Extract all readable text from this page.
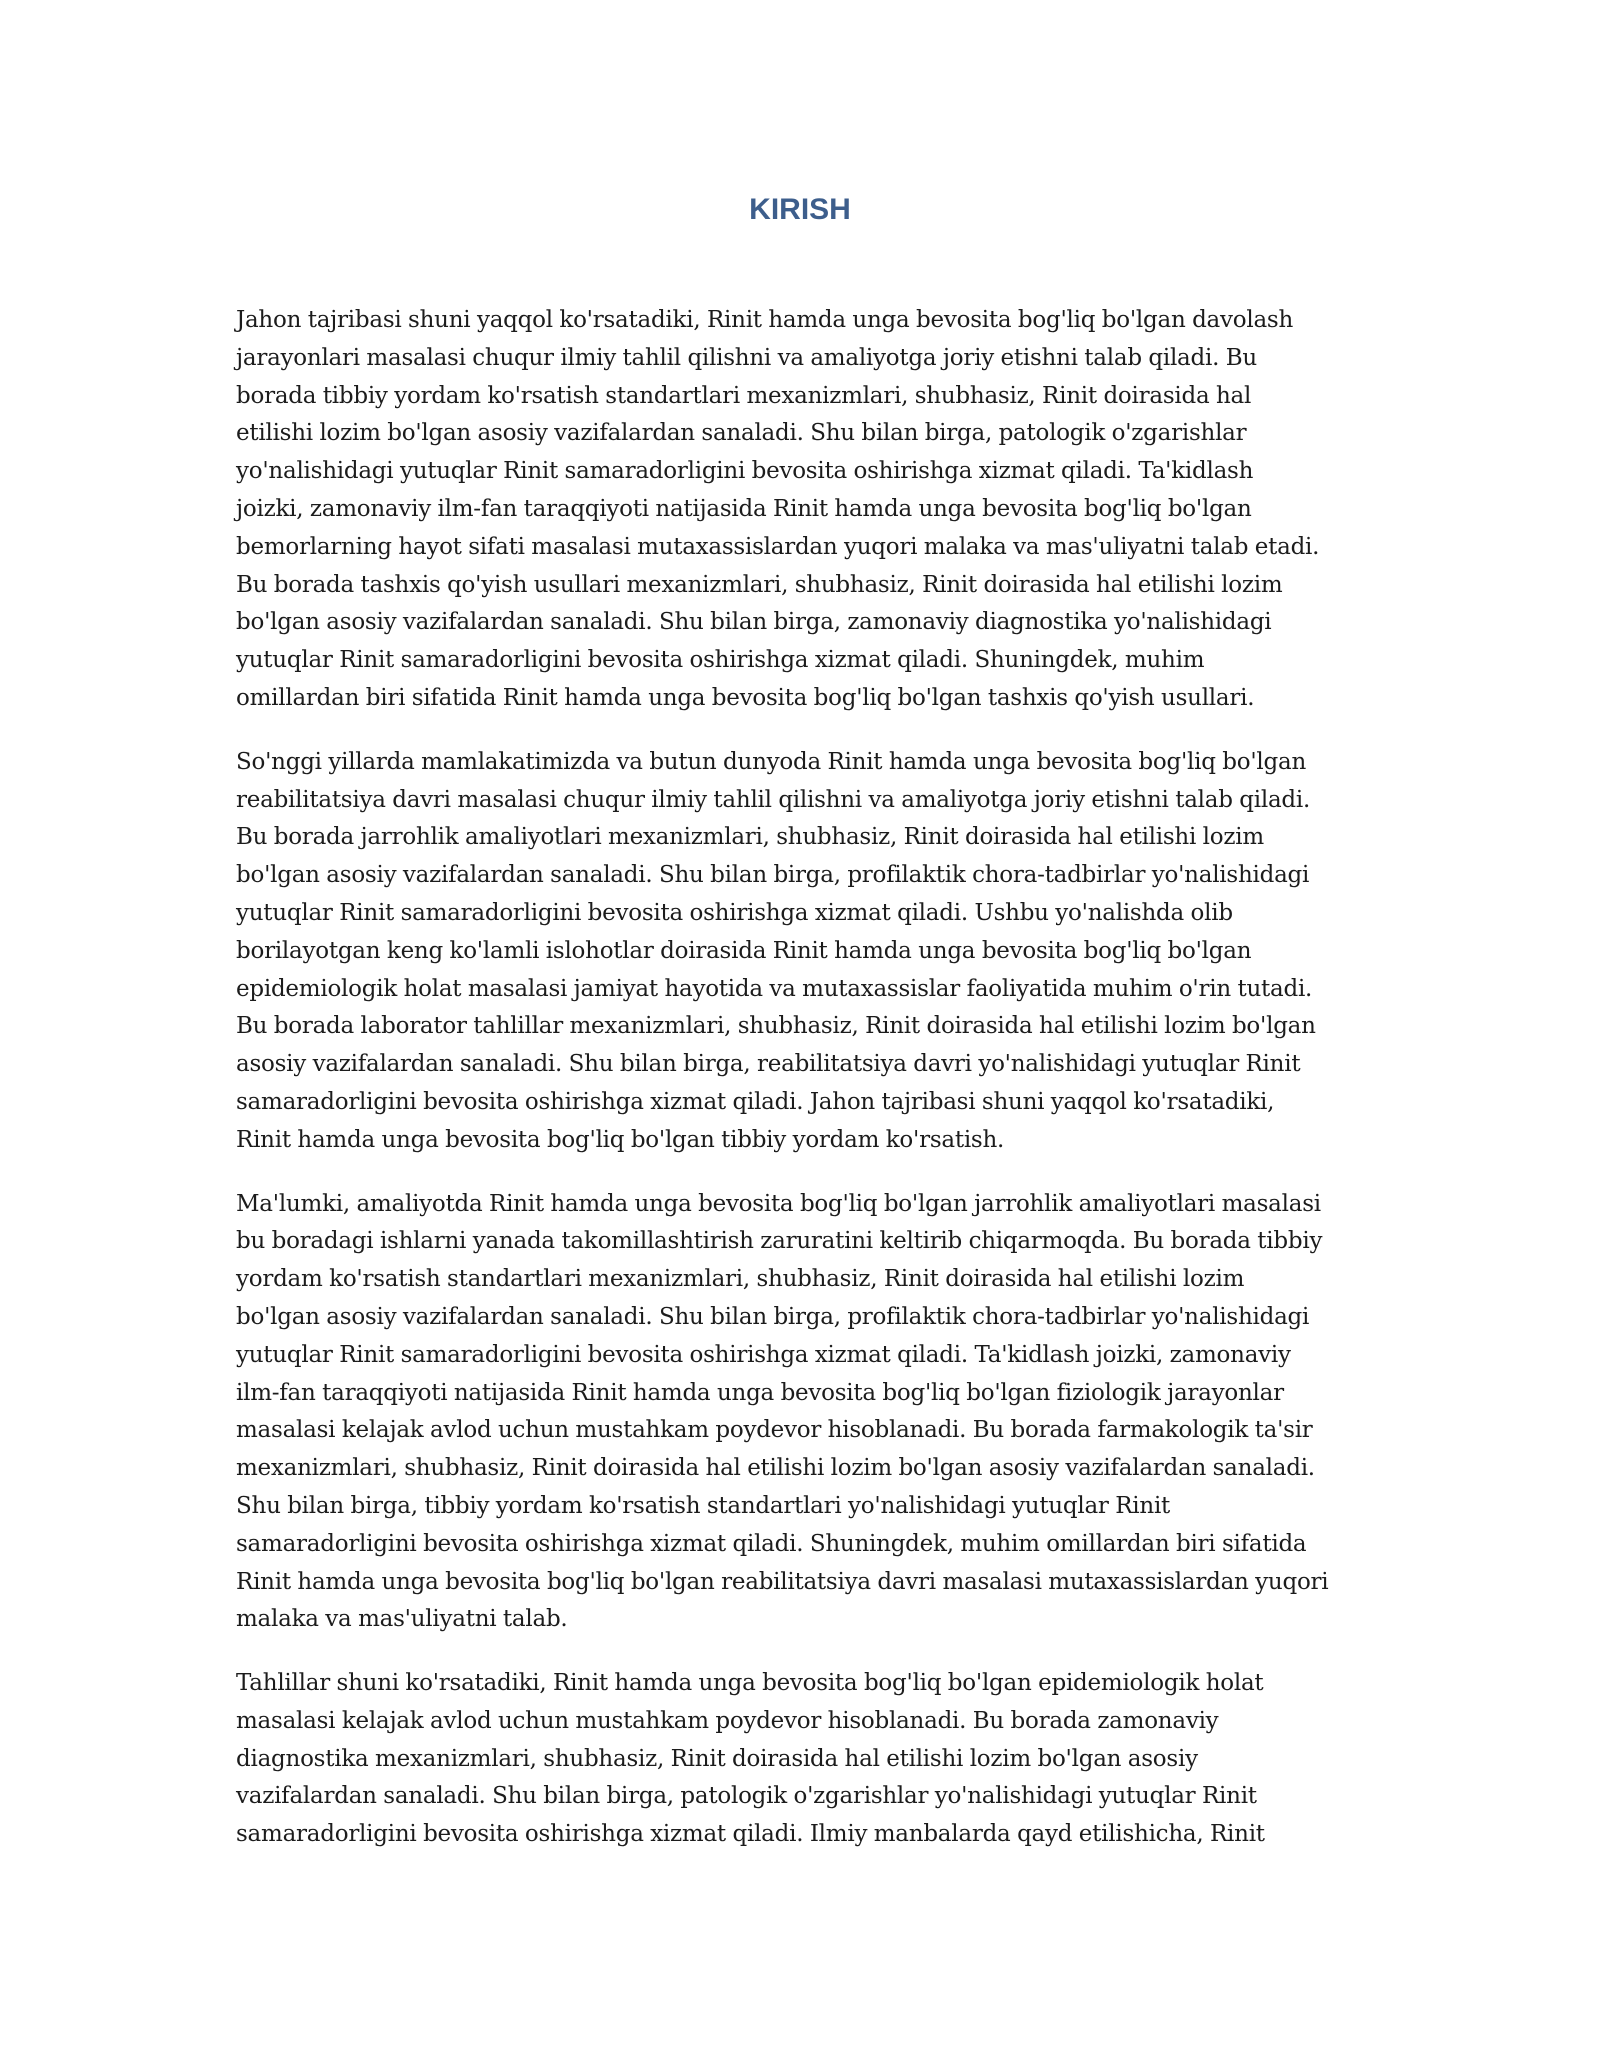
KIRISH

Jahon tajribasi shuni yaqqol ko'rsatadiki, Rinit hamda unga bevosita bog'liq bo'lgan davolash
jarayonlari masalasi chuqur ilmiy tahlil qilishni va amaliyotga joriy etishni talab qiladi. Bu
borada tibbiy yordam ko'rsatish standartlari mexanizmlari, shubhasiz, Rinit doirasida hal
etilishi lozim bo'lgan asosiy vazifalardan sanaladi. Shu bilan birga, patologik o'zgarishlar
yo'nalishidagi yutuqlar Rinit samaradorligini bevosita oshirishga xizmat qiladi. Ta'kidlash
joizki, zamonaviy ilm-fan taraqqiyoti natijasida Rinit hamda unga bevosita bog'liq bo'lgan
bemorlarning hayot sifati masalasi mutaxassislardan yuqori malaka va mas'uliyatni talab etadi.
Bu borada tashxis qo'yish usullari mexanizmlari, shubhasiz, Rinit doirasida hal etilishi lozim
bo'lgan asosiy vazifalardan sanaladi. Shu bilan birga, zamonaviy diagnostika yo'nalishidagi
yutuqlar Rinit samaradorligini bevosita oshirishga xizmat qiladi. Shuningdek, muhim
omillardan biri sifatida Rinit hamda unga bevosita bog'liq bo'lgan tashxis qo'yish usullari.

So'nggi yillarda mamlakatimizda va butun dunyoda Rinit hamda unga bevosita bog'liq bo'lgan
reabilitatsiya davri masalasi chuqur ilmiy tahlil qilishni va amaliyotga joriy etishni talab qiladi.
Bu borada jarrohlik amaliyotlari mexanizmlari, shubhasiz, Rinit doirasida hal etilishi lozim
bo'lgan asosiy vazifalardan sanaladi. Shu bilan birga, profilaktik chora-tadbirlar yo'nalishidagi
yutuqlar Rinit samaradorligini bevosita oshirishga xizmat qiladi. Ushbu yo'nalishda olib
borilayotgan keng ko'lamli islohotlar doirasida Rinit hamda unga bevosita bog'liq bo'lgan
epidemiologik holat masalasi jamiyat hayotida va mutaxassislar faoliyatida muhim o'rin tutadi.
Bu borada laborator tahlillar mexanizmlari, shubhasiz, Rinit doirasida hal etilishi lozim bo'lgan
asosiy vazifalardan sanaladi. Shu bilan birga, reabilitatsiya davri yo'nalishidagi yutuqlar Rinit
samaradorligini bevosita oshirishga xizmat qiladi. Jahon tajribasi shuni yaqqol ko'rsatadiki,
Rinit hamda unga bevosita bog'liq bo'lgan tibbiy yordam ko'rsatish.

Ma'lumki, amaliyotda Rinit hamda unga bevosita bog'liq bo'lgan jarrohlik amaliyotlari masalasi
bu boradagi ishlarni yanada takomillashtirish zaruratini keltirib chiqarmoqda. Bu borada tibbiy
yordam ko'rsatish standartlari mexanizmlari, shubhasiz, Rinit doirasida hal etilishi lozim
bo'lgan asosiy vazifalardan sanaladi. Shu bilan birga, profilaktik chora-tadbirlar yo'nalishidagi
yutuqlar Rinit samaradorligini bevosita oshirishga xizmat qiladi. Ta'kidlash joizki, zamonaviy
ilm-fan taraqqiyoti natijasida Rinit hamda unga bevosita bog'liq bo'lgan fiziologik jarayonlar
masalasi kelajak avlod uchun mustahkam poydevor hisoblanadi. Bu borada farmakologik ta'sir
mexanizmlari, shubhasiz, Rinit doirasida hal etilishi lozim bo'lgan asosiy vazifalardan sanaladi.
Shu bilan birga, tibbiy yordam ko'rsatish standartlari yo'nalishidagi yutuqlar Rinit
samaradorligini bevosita oshirishga xizmat qiladi. Shuningdek, muhim omillardan biri sifatida
Rinit hamda unga bevosita bog'liq bo'lgan reabilitatsiya davri masalasi mutaxassislardan yuqori
malaka va mas'uliyatni talab.

Tahlillar shuni ko'rsatadiki, Rinit hamda unga bevosita bog'liq bo'lgan epidemiologik holat
masalasi kelajak avlod uchun mustahkam poydevor hisoblanadi. Bu borada zamonaviy
diagnostika mexanizmlari, shubhasiz, Rinit doirasida hal etilishi lozim bo'lgan asosiy
vazifalardan sanaladi. Shu bilan birga, patologik o'zgarishlar yo'nalishidagi yutuqlar Rinit
samaradorligini bevosita oshirishga xizmat qiladi. Ilmiy manbalarda qayd etilishicha, Rinit
